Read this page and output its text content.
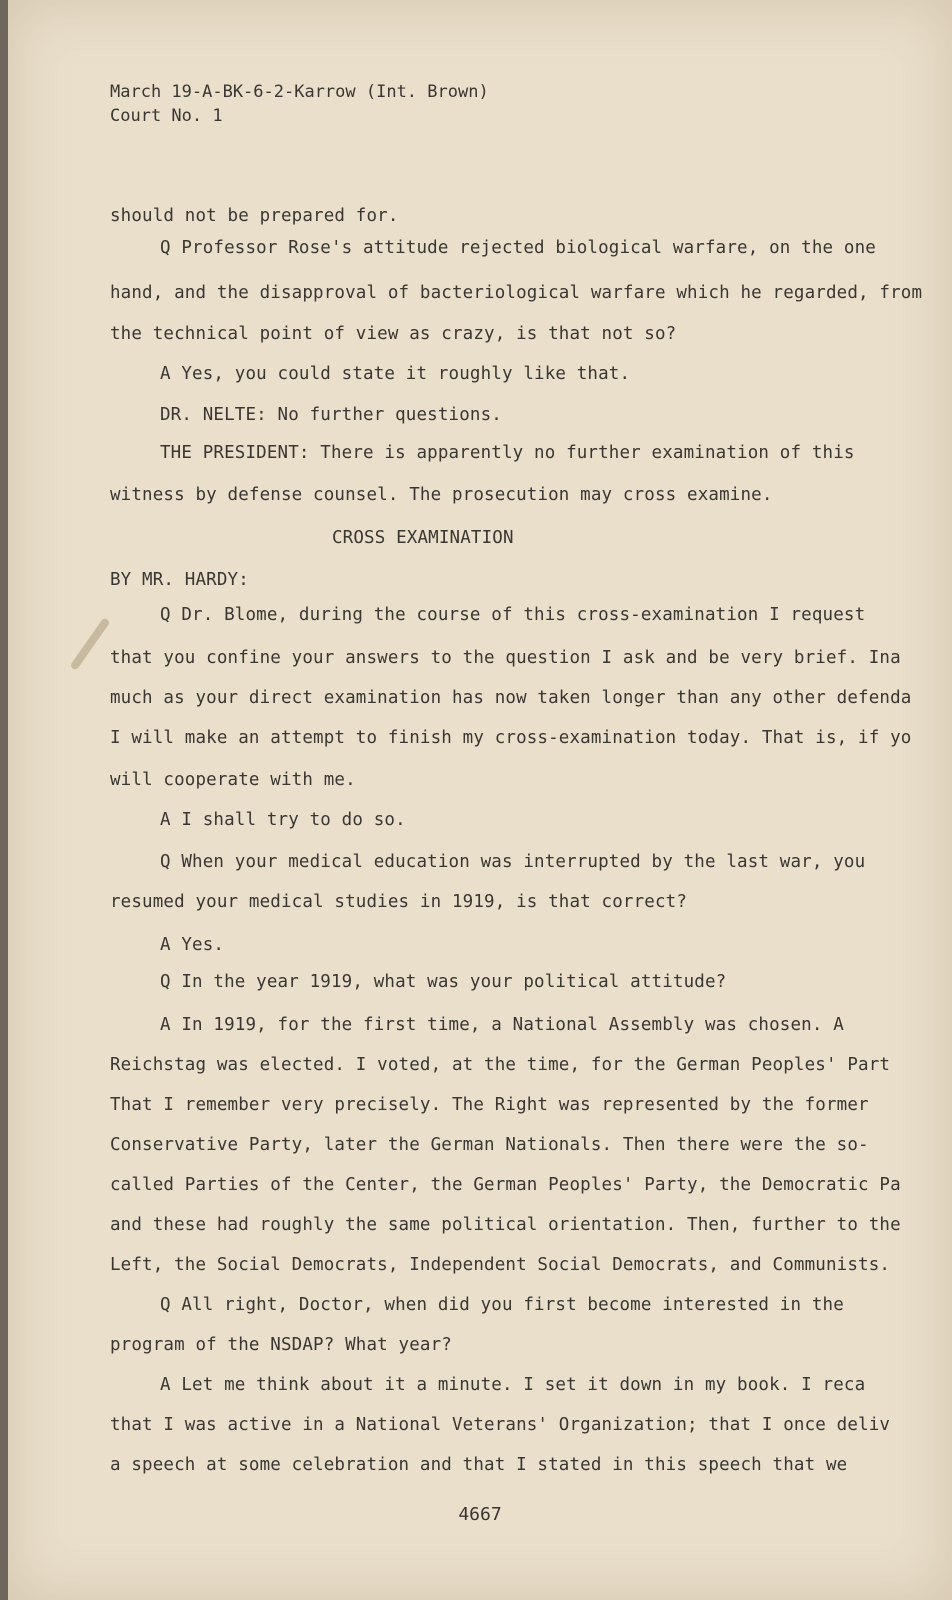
March 19-A-BK-6-2-Karrow (Int. Brown)
Court No. 1
should not be prepared for.
Q Professor Rose's attitude rejected biological warfare, on the one
hand, and the disapproval of bacteriological warfare which he regarded, from
the technical point of view as crazy, is that not so?
A Yes, you could state it roughly like that.
DR. NELTE: No further questions.
THE PRESIDENT: There is apparently no further examination of this
witness by defense counsel. The prosecution may cross examine.
CROSS EXAMINATION
BY MR. HARDY:
Q Dr. Blome, during the course of this cross-examination I request
that you confine your answers to the question I ask and be very brief. Ina
much as your direct examination has now taken longer than any other defenda
I will make an attempt to finish my cross-examination today. That is, if yo
will cooperate with me.
A I shall try to do so.
Q When your medical education was interrupted by the last war, you
resumed your medical studies in 1919, is that correct?
A Yes.
Q In the year 1919, what was your political attitude?
A In 1919, for the first time, a National Assembly was chosen. A
Reichstag was elected. I voted, at the time, for the German Peoples' Part
That I remember very precisely. The Right was represented by the former
Conservative Party, later the German Nationals. Then there were the so-
called Parties of the Center, the German Peoples' Party, the Democratic Pa
and these had roughly the same political orientation. Then, further to the
Left, the Social Democrats, Independent Social Democrats, and Communists.
Q All right, Doctor, when did you first become interested in the
program of the NSDAP? What year?
A Let me think about it a minute. I set it down in my book. I reca
that I was active in a National Veterans' Organization; that I once deliv
a speech at some celebration and that I stated in this speech that we
4667
